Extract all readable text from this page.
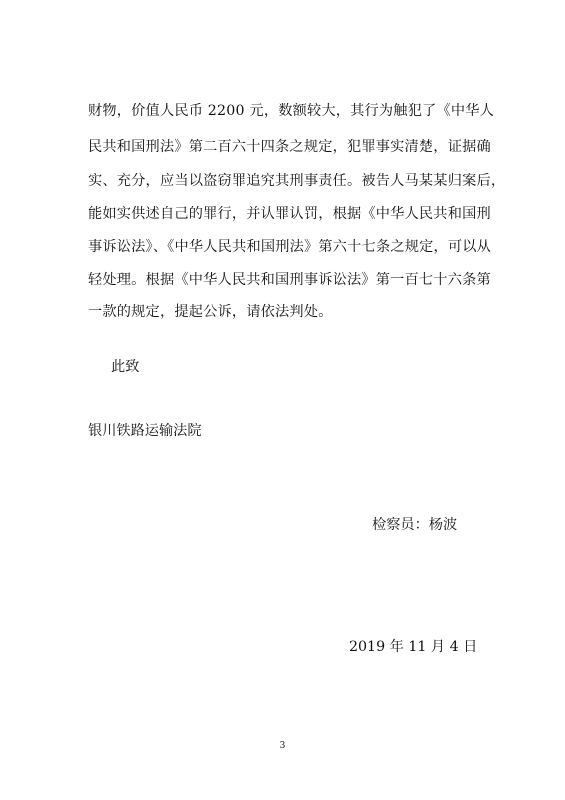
财物，价值人民币 2200 元，数额较大，其行为触犯了《中华人
民共和国刑法》第二百六十四条之规定，犯罪事实清楚，证据确
实、充分，应当以盗窃罪追究其刑事责任。被告人马某某归案后，
能如实供述自己的罪行，并认罪认罚，根据《中华人民共和国刑
事诉讼法》、《中华人民共和国刑法》第六十七条之规定，可以从
轻处理。根据《中华人民共和国刑事诉讼法》第一百七十六条第
一款的规定，提起公诉，请依法判处。
此致
银川铁路运输法院
检察员：杨波
2019 年 11 月 4 日
3
